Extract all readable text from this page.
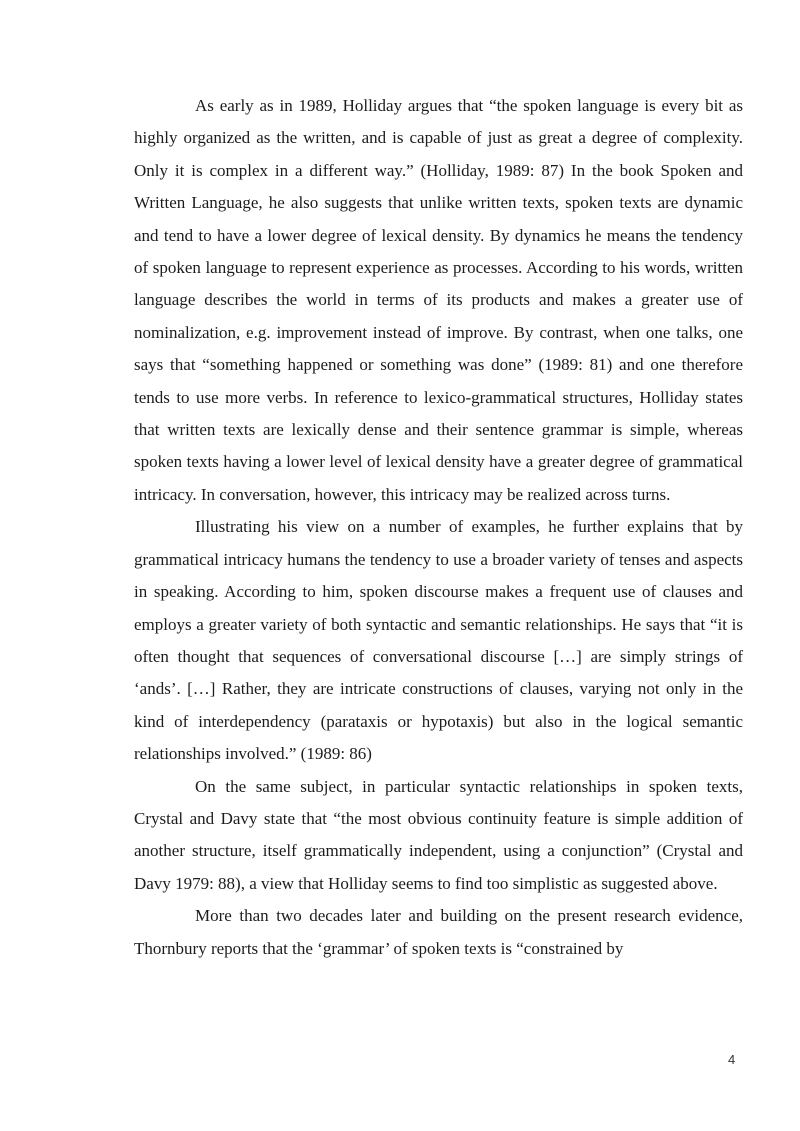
As early as in 1989, Holliday argues that “the spoken language is every bit as highly organized as the written, and is capable of just as great a degree of complexity. Only it is complex in a different way.” (Holliday, 1989: 87) In the book Spoken and Written Language, he also suggests that unlike written texts, spoken texts are dynamic and tend to have a lower degree of lexical density. By dynamics he means the tendency of spoken language to represent experience as processes. According to his words, written language describes the world in terms of its products and makes a greater use of nominalization, e.g. improvement instead of improve. By contrast, when one talks, one says that “something happened or something was done” (1989: 81) and one therefore tends to use more verbs. In reference to lexico-grammatical structures, Holliday states that written texts are lexically dense and their sentence grammar is simple, whereas spoken texts having a lower level of lexical density have a greater degree of grammatical intricacy. In conversation, however, this intricacy may be realized across turns.

Illustrating his view on a number of examples, he further explains that by grammatical intricacy humans the tendency to use a broader variety of tenses and aspects in speaking. According to him, spoken discourse makes a frequent use of clauses and employs a greater variety of both syntactic and semantic relationships. He says that “it is often thought that sequences of conversational discourse […] are simply strings of ‘ands’. […] Rather, they are intricate constructions of clauses, varying not only in the kind of interdependency (parataxis or hypotaxis) but also in the logical semantic relationships involved.” (1989: 86)

On the same subject, in particular syntactic relationships in spoken texts, Crystal and Davy state that “the most obvious continuity feature is simple addition of another structure, itself grammatically independent, using a conjunction” (Crystal and Davy 1979: 88), a view that Holliday seems to find too simplistic as suggested above.

More than two decades later and building on the present research evidence, Thornbury reports that the ‘grammar’ of spoken texts is “constrained by

4
